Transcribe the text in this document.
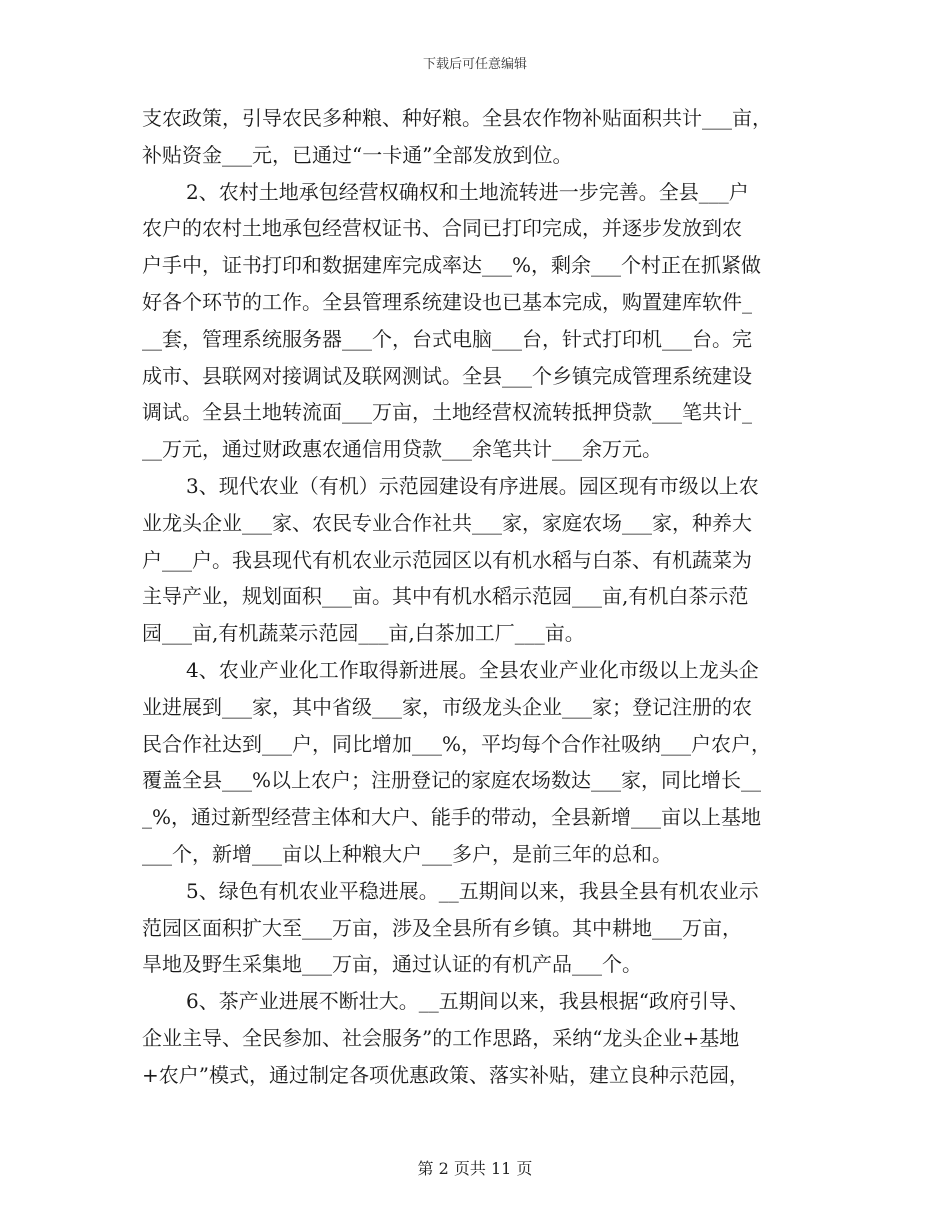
下载后可任意编辑
支农政策，引导农民多种粮、种好粮。全县农作物补贴面积共计___亩，
补贴资金___元，已通过“一卡通”全部发放到位。
2、农村土地承包经营权确权和土地流转进一步完善。全县___户
农户的农村土地承包经营权证书、合同已打印完成，并逐步发放到农
户手中，证书打印和数据建库完成率达___%，剩余___个村正在抓紧做
好各个环节的工作。全县管理系统建设也已基本完成，购置建库软件_
__套，管理系统服务器___个，台式电脑___台，针式打印机___台。完
成市、县联网对接调试及联网测试。全县___个乡镇完成管理系统建设
调试。全县土地转流面___万亩，土地经营权流转抵押贷款___笔共计_
__万元，通过财政惠农通信用贷款___余笔共计___余万元。
3、现代农业（有机）示范园建设有序进展。园区现有市级以上农
业龙头企业___家、农民专业合作社共___家，家庭农场___家，种养大
户___户。我县现代有机农业示范园区以有机水稻与白茶、有机蔬菜为
主导产业，规划面积___亩。其中有机水稻示范园___亩,有机白茶示范
园___亩,有机蔬菜示范园___亩,白茶加工厂___亩。
4、农业产业化工作取得新进展。全县农业产业化市级以上龙头企
业进展到___家，其中省级___家，市级龙头企业___家；登记注册的农
民合作社达到___户，同比增加___%，平均每个合作社吸纳___户农户，
覆盖全县___%以上农户；注册登记的家庭农场数达___家，同比增长__
_%，通过新型经营主体和大户、能手的带动，全县新增___亩以上基地
___个，新增___亩以上种粮大户___多户，是前三年的总和。
5、绿色有机农业平稳进展。__五期间以来，我县全县有机农业示
范园区面积扩大至___万亩，涉及全县所有乡镇。其中耕地___万亩，
旱地及野生采集地___万亩，通过认证的有机产品___个。
6、茶产业进展不断壮大。__五期间以来，我县根据“政府引导、
企业主导、全民参加、社会服务”的工作思路，采纳“龙头企业+基地
+农户”模式，通过制定各项优惠政策、落实补贴，建立良种示范园，
第 2 页共 11 页
